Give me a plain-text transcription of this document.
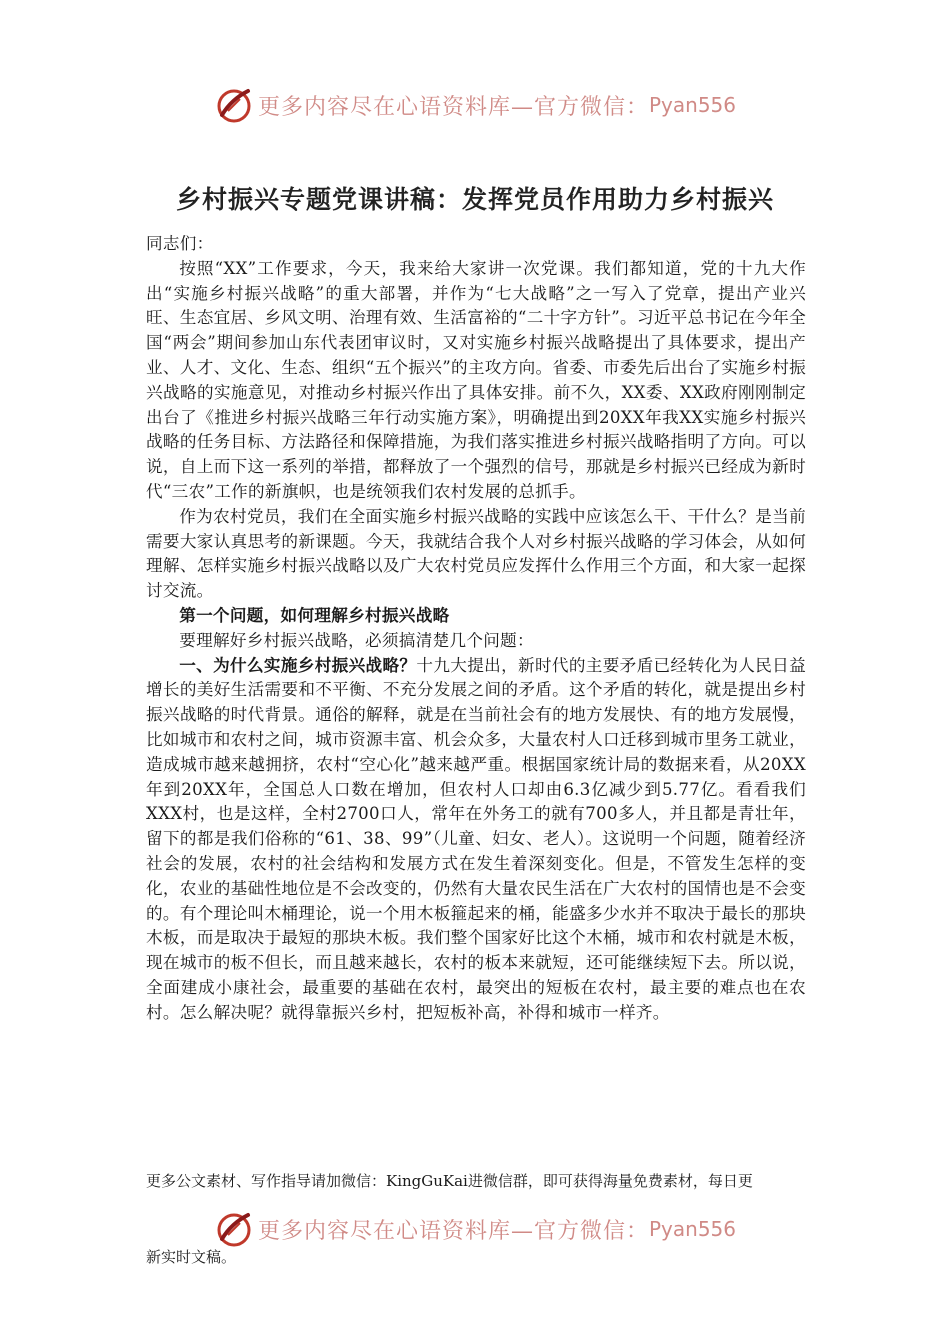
更多内容尽在心语资料库—官方微信： Pyan556
乡村振兴专题党课讲稿：发挥党员作用助力乡村振兴

同志们：

按照“XX”工作要求，今天，我来给大家讲一次党课。我们都知道，党的十九大作出“实施乡村振兴战略”的重大部署，并作为“七大战略”之一写入了党章，提出产业兴旺、生态宜居、乡风文明、治理有效、生活富裕的“二十字方针”。习近平总书记在今年全国“两会”期间参加山东代表团审议时，又对实施乡村振兴战略提出了具体要求，提出产业、人才、文化、生态、组织“五个振兴”的主攻方向。省委、市委先后出台了实施乡村振兴战略的实施意见，对推动乡村振兴作出了具体安排。前不久，XX委、XX政府刚刚制定出台了《推进乡村振兴战略三年行动实施方案》，明确提出到20XX年我XX实施乡村振兴战略的任务目标、方法路径和保障措施，为我们落实推进乡村振兴战略指明了方向。可以说，自上而下这一系列的举措，都释放了一个强烈的信号，那就是乡村振兴已经成为新时代“三农”工作的新旗帜，也是统领我们农村发展的总抓手。

作为农村党员，我们在全面实施乡村振兴战略的实践中应该怎么干、干什么？是当前需要大家认真思考的新课题。今天，我就结合我个人对乡村振兴战略的学习体会，从如何理解、怎样实施乡村振兴战略以及广大农村党员应发挥什么作用三个方面，和大家一起探讨交流。

第一个问题，如何理解乡村振兴战略

要理解好乡村振兴战略，必须搞清楚几个问题：

一、为什么实施乡村振兴战略？十九大提出，新时代的主要矛盾已经转化为人民日益增长的美好生活需要和不平衡、不充分发展之间的矛盾。这个矛盾的转化，就是提出乡村振兴战略的时代背景。通俗的解释，就是在当前社会有的地方发展快、有的地方发展慢，比如城市和农村之间，城市资源丰富、机会众多，大量农村人口迁移到城市里务工就业，造成城市越来越拥挤，农村“空心化”越来越严重。根据国家统计局的数据来看，从20XX年到20XX年，全国总人口数在增加，但农村人口却由6.3亿减少到5.77亿。看看我们XXX村，也是这样，全村2700口人，常年在外务工的就有700多人，并且都是青壮年，留下的都是我们俗称的“61、38、99”（儿童、妇女、老人）。这说明一个问题，随着经济社会的发展，农村的社会结构和发展方式在发生着深刻变化。但是，不管发生怎样的变化，农业的基础性地位是不会改变的，仍然有大量农民生活在广大农村的国情也是不会变的。有个理论叫木桶理论，说一个用木板箍起来的桶，能盛多少水并不取决于最长的那块木板，而是取决于最短的那块木板。我们整个国家好比这个木桶，城市和农村就是木板，现在城市的板不但长，而且越来越长，农村的板本来就短，还可能继续短下去。所以说，全面建成小康社会，最重要的基础在农村，最突出的短板在农村，最主要的难点也在农村。怎么解决呢？就得靠振兴乡村，把短板补高，补得和城市一样齐。

更多公文素材、写作指导请加微信：KingGuKai进微信群，即可获得海量免费素材，每日更

更多内容尽在心语资料库—官方微信： Pyan556

新实时文稿。
